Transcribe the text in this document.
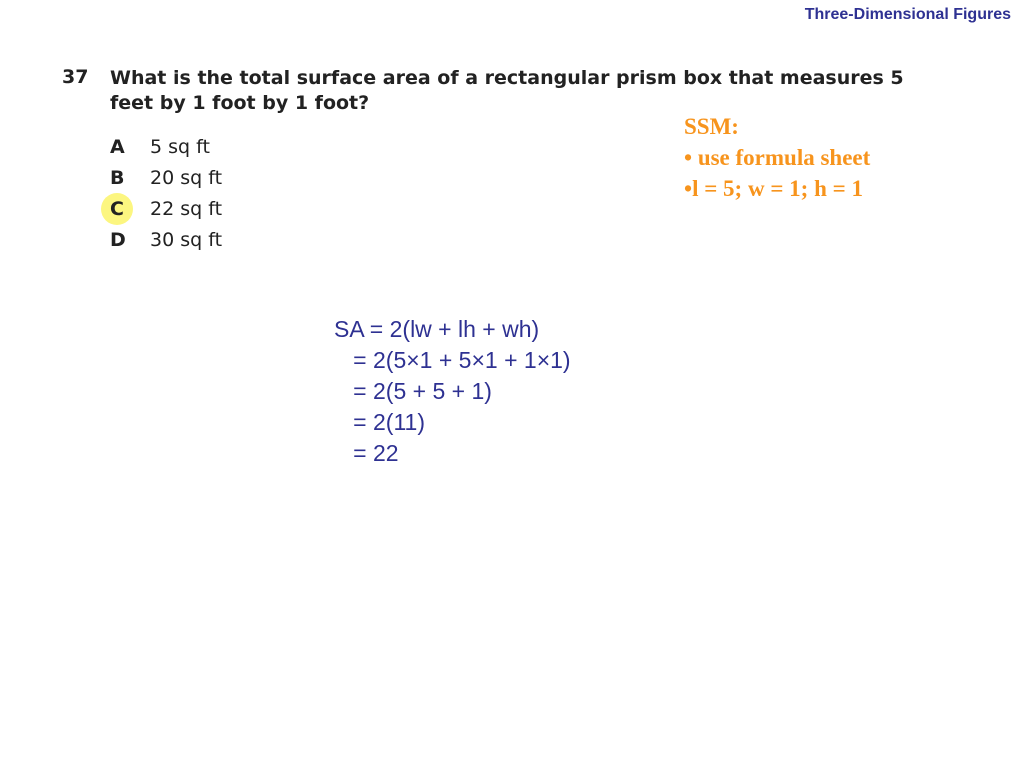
Three-Dimensional Figures
37 What is the total surface area of a rectangular prism box that measures 5 feet by 1 foot by 1 foot?
A 5 sq ft
B 20 sq ft
C 22 sq ft
D 30 sq ft
SSM:
• use formula sheet
•l = 5; w = 1; h = 1
SA = 2(lw + lh + wh)
= 2(5×1 + 5×1 + 1×1)
= 2(5 + 5 + 1)
= 2(11)
= 22
